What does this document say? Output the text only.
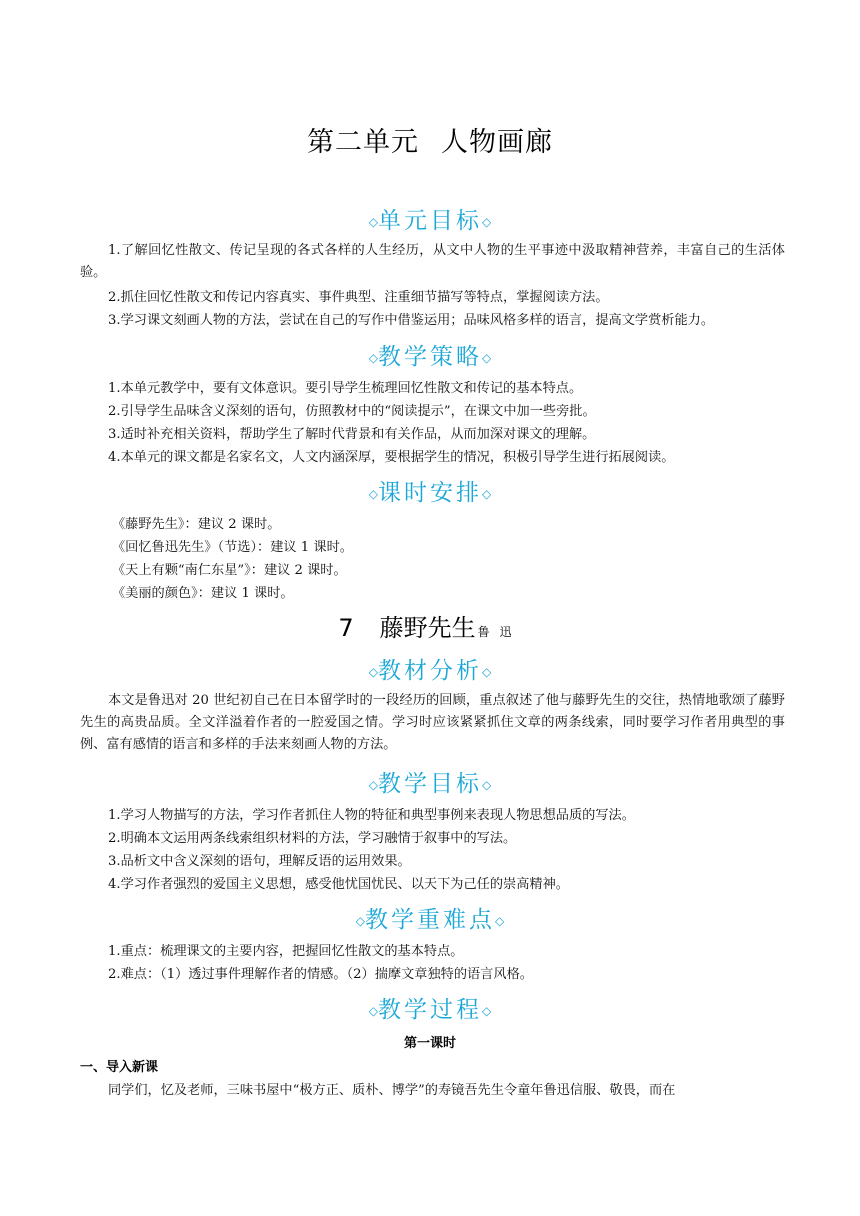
第二单元 人物画廊
◇单元目标◇

1.了解回忆性散文、传记呈现的各式各样的人生经历，从文中人物的生平事迹中汲取精神营养，丰富自己的生活体验。

2.抓住回忆性散文和传记内容真实、事件典型、注重细节描写等特点，掌握阅读方法。
3.学习课文刻画人物的方法，尝试在自己的写作中借鉴运用；品味风格多样的语言，提高文学赏析能力。
◇教学策略◇
1.本单元教学中，要有文体意识。要引导学生梳理回忆性散文和传记的基本特点。
2.引导学生品味含义深刻的语句，仿照教材中的“阅读提示”，在课文中加一些旁批。
3.适时补充相关资料，帮助学生了解时代背景和有关作品，从而加深对课文的理解。
4.本单元的课文都是名家名文，人文内涵深厚，要根据学生的情况，积极引导学生进行拓展阅读。
◇课时安排◇
《藤野先生》：建议 2 课时。
《回忆鲁迅先生》（节选）：建议 1 课时。
《天上有颗“南仁东星”》：建议 2 课时。
《美丽的颜色》：建议 1 课时。
7 藤野先生 鲁迅
◇教材分析◇

本文是鲁迅对 20 世纪初自己在日本留学时的一段经历的回顾，重点叙述了他与藤野先生的交往，热情地歌颂了藤野先生的高贵品质。全文洋溢着作者的一腔爱国之情。学习时应该紧紧抓住文章的两条线索，同时要学习作者用典型的事例、富有感情的语言和多样的手法来刻画人物的方法。

◇教学目标◇
1.学习人物描写的方法，学习作者抓住人物的特征和典型事例来表现人物思想品质的写法。
2.明确本文运用两条线索组织材料的方法，学习融情于叙事中的写法。
3.品析文中含义深刻的语句，理解反语的运用效果。
4.学习作者强烈的爱国主义思想，感受他忧国忧民、以天下为己任的崇高精神。
◇教学重难点◇
1.重点：梳理课文的主要内容，把握回忆性散文的基本特点。
2.难点：（1）透过事件理解作者的情感。（2）揣摩文章独特的语言风格。
◇教学过程◇
第一课时
一、导入新课
同学们，忆及老师，三味书屋中“极方正、质朴、博学”的寿镜吾先生令童年鲁迅信服、敬畏，而在
